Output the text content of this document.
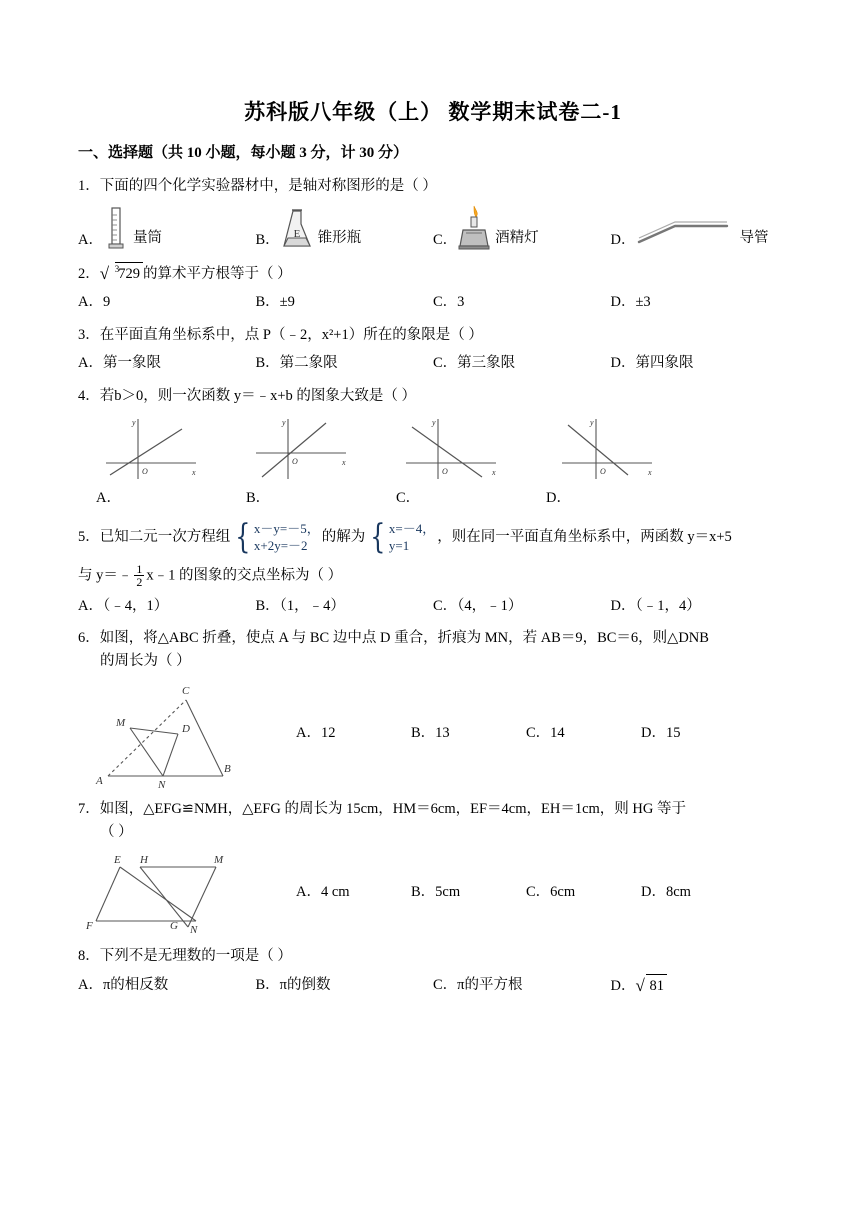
苏科版八年级（上） 数学期末试卷二-1
一、选择题（共 10 小题，每小题 3 分，计 30 分）
1．下面的四个化学实验器材中，是轴对称图形的是（ ）
A． 量筒	B． E 锥形瓶	C．	酒精灯	D．	导管
2． $^3$
√ 729 的算术平方根等于（ ）
A．9	B．±9	C．3	D．±3
3．在平面直角坐标系中，点 P（﹣2，x²+1）所在的象限是（ ）
A．第一象限	B．第二象限	C．第三象限	D．第四象限
4．若b＞0，则一次函数 y＝﹣x+b 的图象大致是（ ）
y
x
O
y
x
O
y
x
O
y
x
O
A．	B．	C．	D．
5．已知二元一次方程组 { x－y=－5，
x+2y=－2
的解为 { x=－4，
y=1
，则在同一平面直角坐标系中，两函数 y＝x+5
与 y＝﹣ $\frac{1}{2}$ x﹣1 的图象的交点坐标为（ ）
A．（﹣4，1）	B．（1，﹣4）	C．（4，﹣1）	D．（﹣1，4）
6．如图，将△ABC 折叠，使点 A 与 BC 边中点 D 重合，折痕为 MN，若 AB＝9，BC＝6，则△DNB
的周长为（ ）
C
M	D
B
A	N
A．12	B．13	C．14	D．15
7．如图，△EFG≌NMH，△EFG 的周长为 15cm，HM＝6cm，EF＝4cm，EH＝1cm，则 HG 等于
（ ）
E H	M
F	G N
A．4 cm	B．5cm	C．6cm	D．8cm
8．下列不是无理数的一项是（ ）
A．π的相反数	B．π的倒数	C．π的平方根	D． √ 81
